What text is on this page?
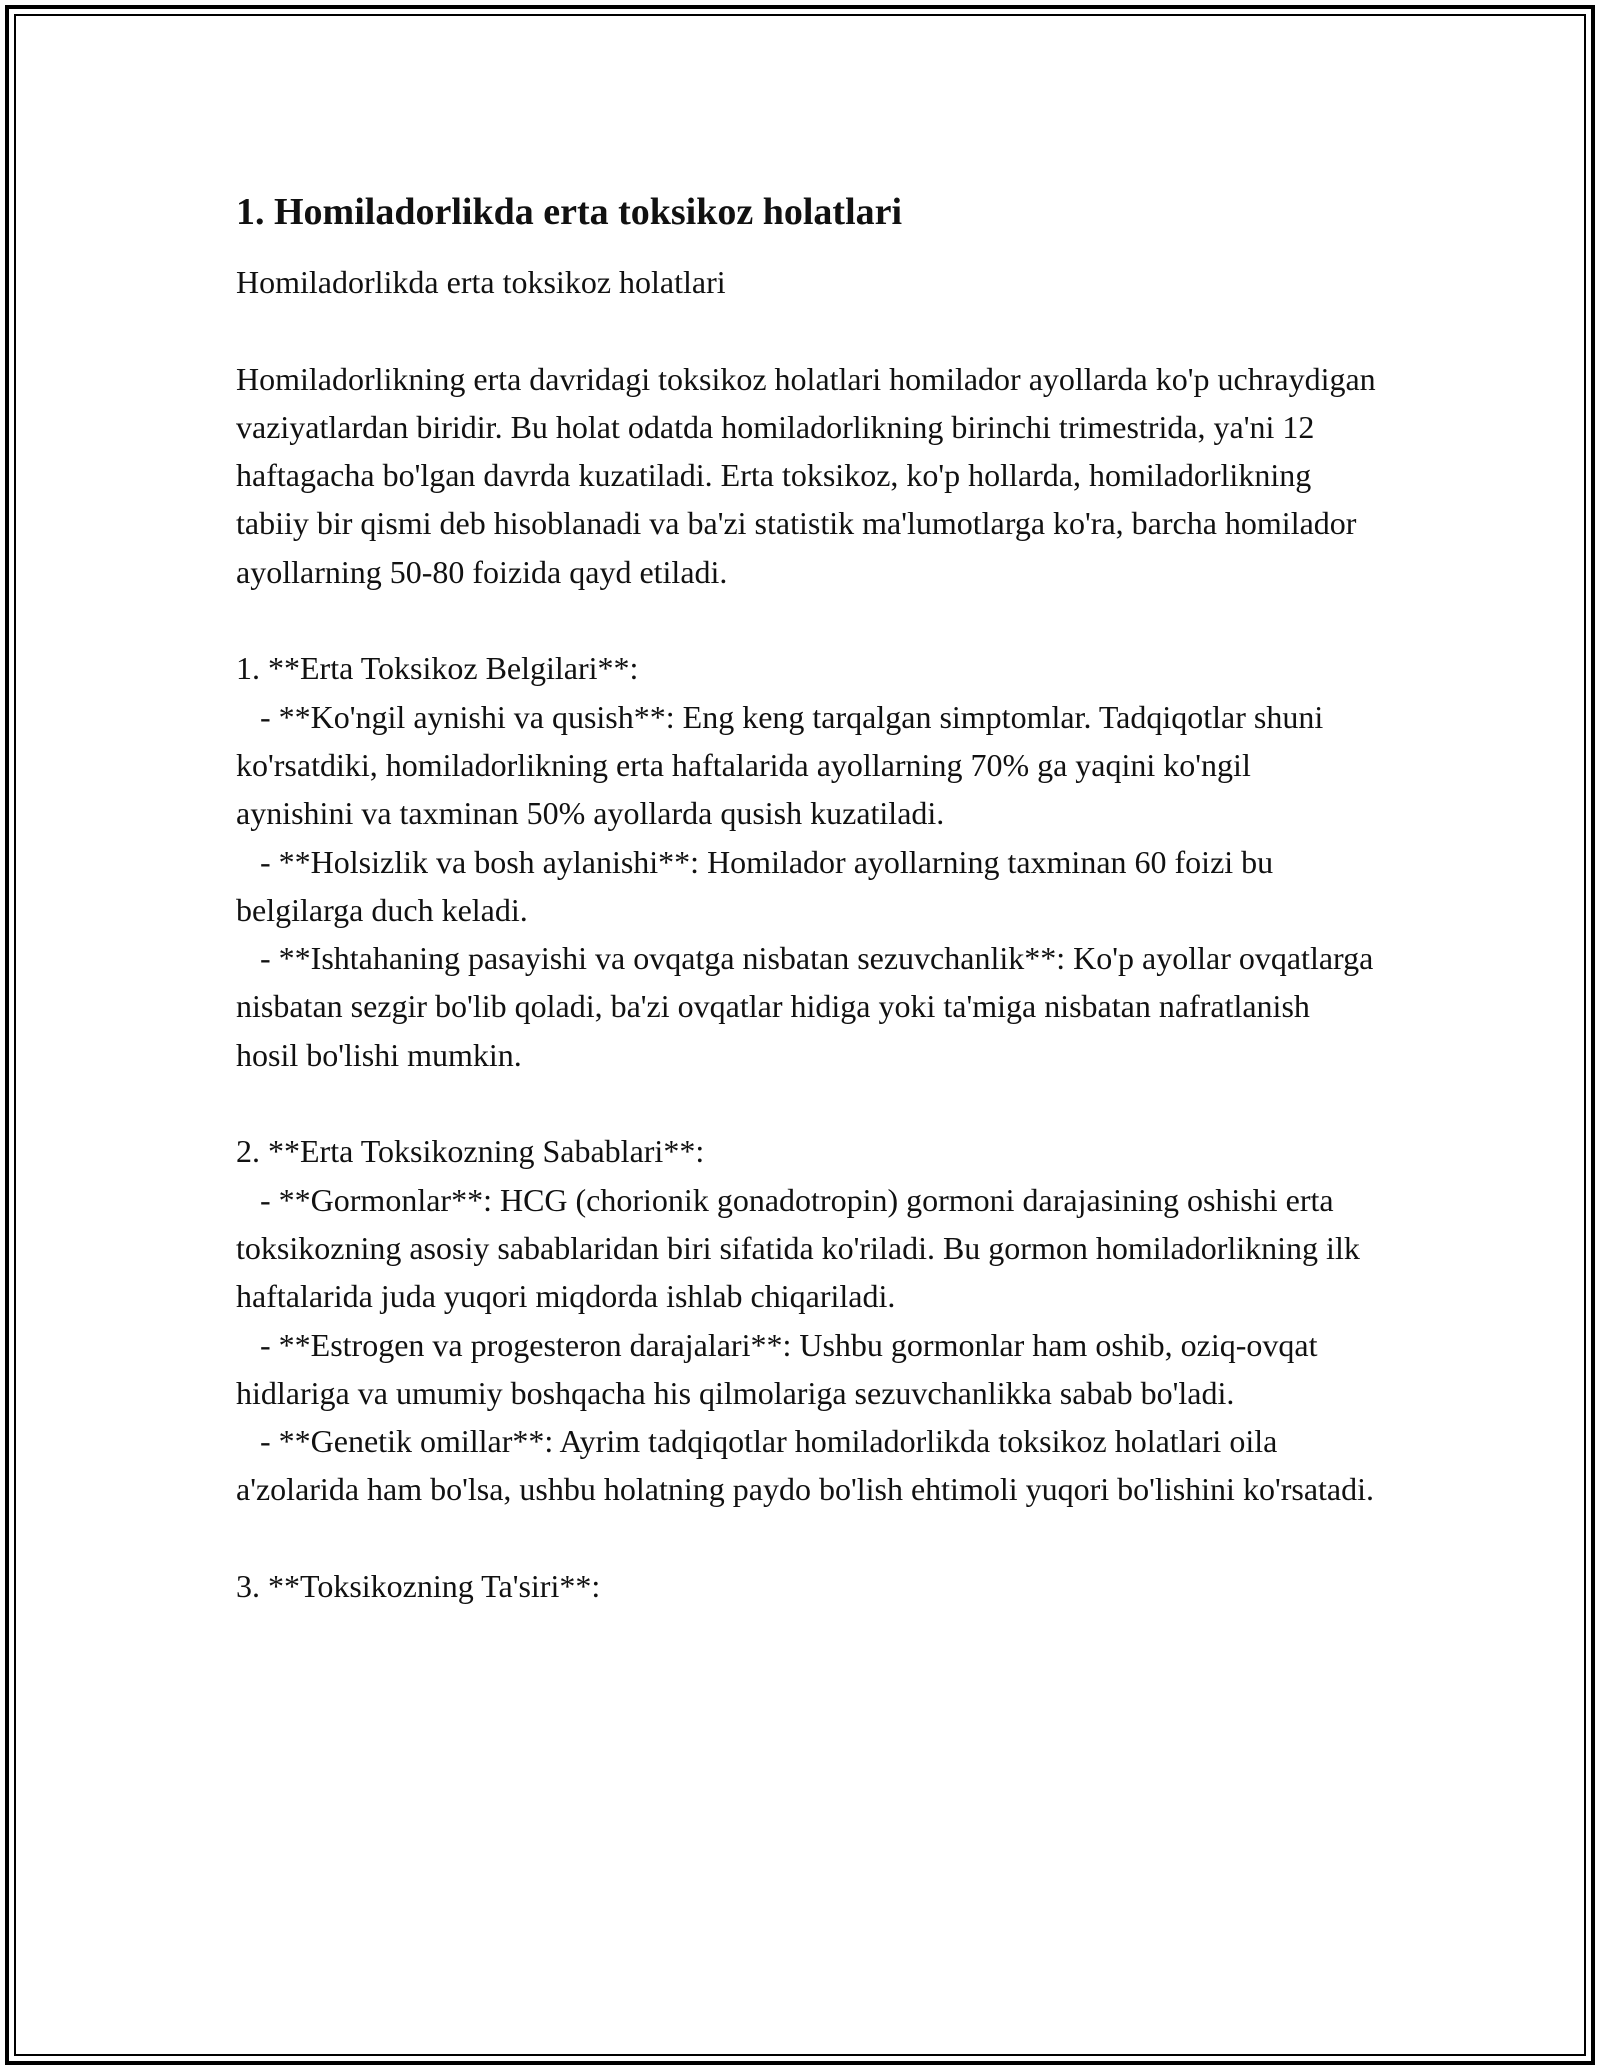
1. Homiladorlikda erta toksikoz holatlari

Homiladorlikda erta toksikoz holatlari

Homiladorlikning erta davridagi toksikoz holatlari homilador ayollarda ko'p uchraydigan vaziyatlardan biridir. Bu holat odatda homiladorlikning birinchi trimestrida, ya'ni 12 haftagacha bo'lgan davrda kuzatiladi. Erta toksikoz, ko'p hollarda, homiladorlikning tabiiy bir qismi deb hisoblanadi va ba'zi statistik ma'lumotlarga ko'ra, barcha homilador ayollarning 50-80 foizida qayd etiladi.

1. **Erta Toksikoz Belgilari**:
- **Ko'ngil aynishi va qusish**: Eng keng tarqalgan simptomlar. Tadqiqotlar shuni ko'rsatdiki, homiladorlikning erta haftalarida ayollarning 70% ga yaqini ko'ngil aynishini va taxminan 50% ayollarda qusish kuzatiladi.
- **Holsizlik va bosh aylanishi**: Homilador ayollarning taxminan 60 foizi bu belgilarga duch keladi.
- **Ishtahaning pasayishi va ovqatga nisbatan sezuvchanlik**: Ko'p ayollar ovqatlarga nisbatan sezgir bo'lib qoladi, ba'zi ovqatlar hidiga yoki ta'miga nisbatan nafratlanish hosil bo'lishi mumkin.

2. **Erta Toksikozning Sabablari**:
- **Gormonlar**: HCG (chorionik gonadotropin) gormoni darajasining oshishi erta toksikozning asosiy sabablaridan biri sifatida ko'riladi. Bu gormon homiladorlikning ilk haftalarida juda yuqori miqdorda ishlab chiqariladi.
- **Estrogen va progesteron darajalari**: Ushbu gormonlar ham oshib, oziq-ovqat hidlariga va umumiy boshqacha his qilmolariga sezuvchanlikka sabab bo'ladi.
- **Genetik omillar**: Ayrim tadqiqotlar homiladorlikda toksikoz holatlari oila a'zolarida ham bo'lsa, ushbu holatning paydo bo'lish ehtimoli yuqori bo'lishini ko'rsatadi.

3. **Toksikozning Ta'siri**:
